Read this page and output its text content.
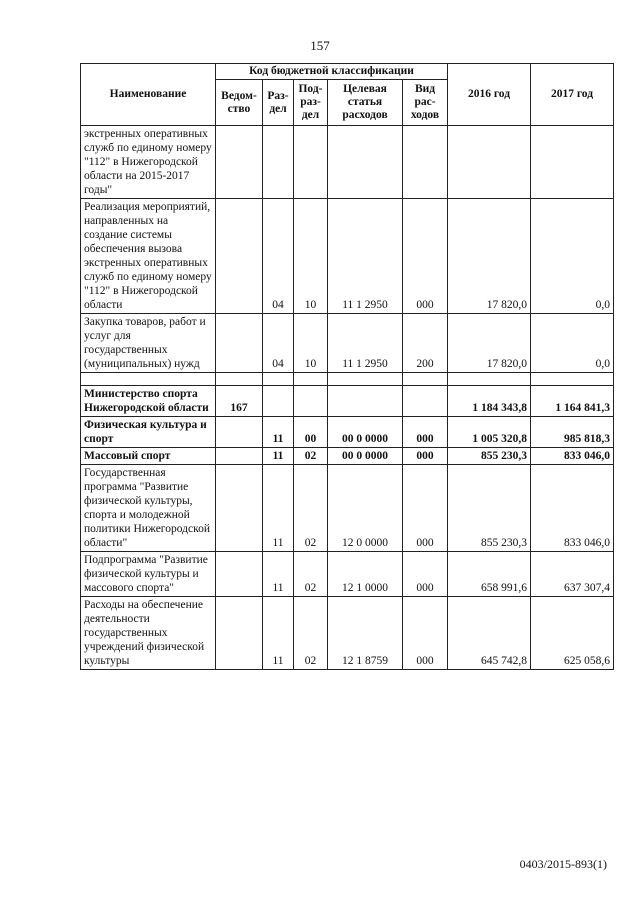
157
Наименование	Код бюджетной классификации					2016 год	2017 год
	Ведом-ство	Раз-дел	Под-раз-дел	Целевая статья расходов	Вид рас-ходов		
экстренных оперативных служб по единому номеру "112" в Нижегородской области на 2015-2017 годы"							
Реализация мероприятий, направленных на создание системы обеспечения вызова экстренных оперативных служб по единому номеру "112" в Нижегородской области		04	10	11 1 2950	000	17 820,0	0,0
Закупка товаров, работ и услуг для государственных (муниципальных) нужд		04	10	11 1 2950	200	17 820,0	0,0

Министерство спорта Нижегородской области	167					1 184 343,8	1 164 841,3
Физическая культура и спорт		11	00	00 0 0000	000	1 005 320,8	985 818,3
Массовый спорт		11	02	00 0 0000	000	855 230,3	833 046,0
Государственная программа "Развитие физической культуры, спорта и молодежной политики Нижегородской области"		11	02	12 0 0000	000	855 230,3	833 046,0
Подпрограмма "Развитие физической культуры и массового спорта"		11	02	12 1 0000	000	658 991,6	637 307,4
Расходы на обеспечение деятельности государственных учреждений физической культуры		11	02	12 1 8759	000	645 742,8	625 058,6
0403/2015-893(1)
